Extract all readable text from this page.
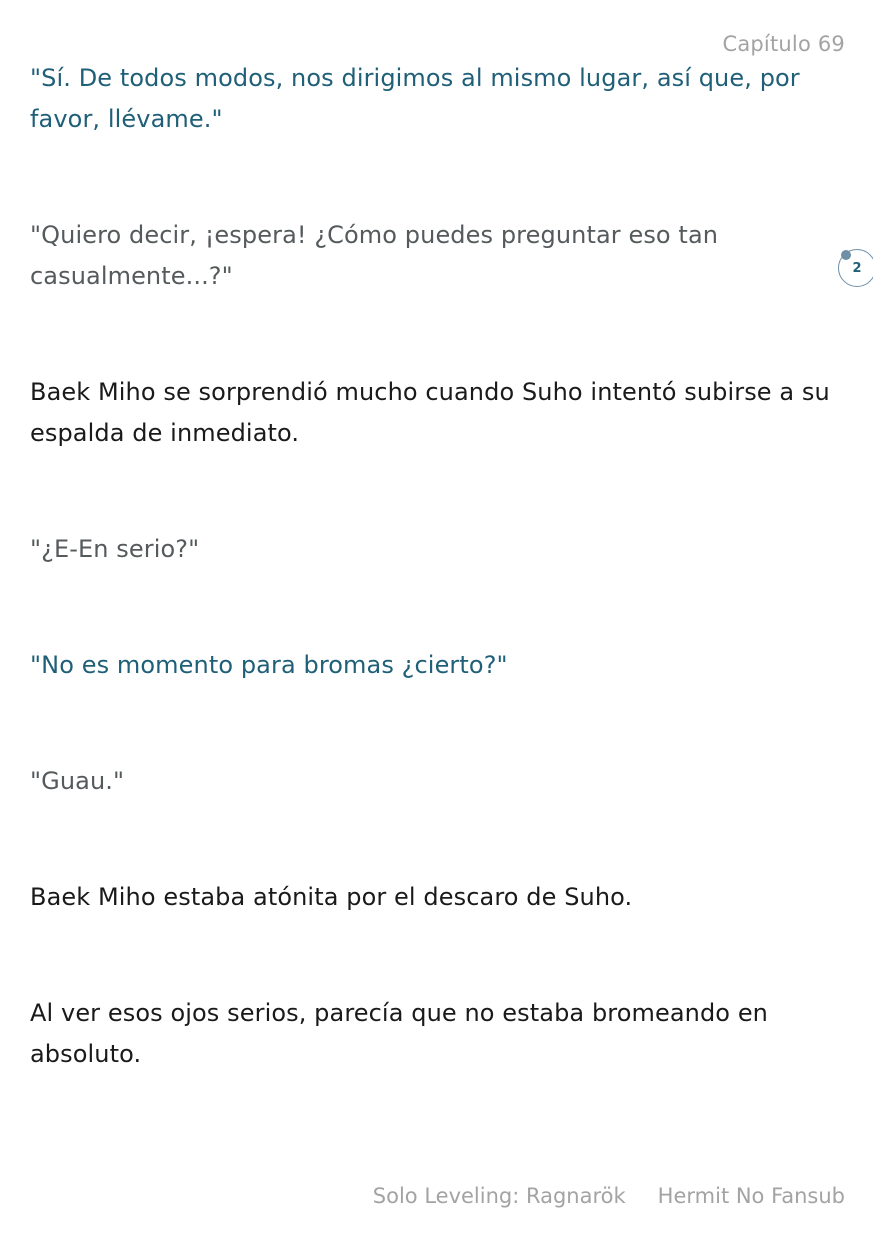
Capítulo 69

"Sí. De todos modos, nos dirigimos al mismo lugar, así que, por favor, llévame."

"Quiero decir, ¡espera! ¿Cómo puedes preguntar eso tan casualmente...?"

Baek Miho se sorprendió mucho cuando Suho intentó subirse a su espalda de inmediato.

"¿E-En serio?"

"No es momento para bromas ¿cierto?"

"Guau."

Baek Miho estaba atónita por el descaro de Suho.

Al ver esos ojos serios, parecía que no estaba bromeando en absoluto.

2
Solo Leveling: Ragnarök Hermit No Fansub
